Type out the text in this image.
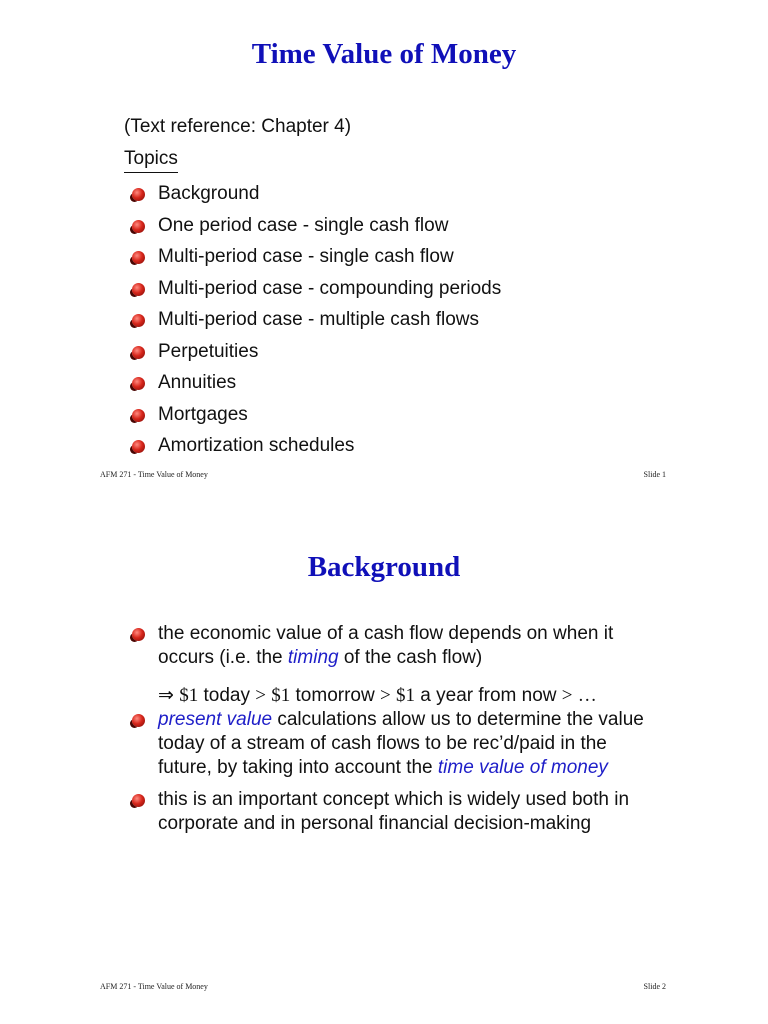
Time Value of Money
(Text reference: Chapter 4)
Topics
Background
One period case - single cash flow
Multi-period case - single cash flow
Multi-period case - compounding periods
Multi-period case - multiple cash flows
Perpetuities
Annuities
Mortgages
Amortization schedules
AFM 271 - Time Value of Money	Slide 1
Background
the economic value of a cash flow depends on when it occurs (i.e. the timing of the cash flow)
⇒ $1 today > $1 tomorrow > $1 a year from now > …
present value calculations allow us to determine the value today of a stream of cash flows to be rec’d/paid in the future, by taking into account the time value of money
this is an important concept which is widely used both in corporate and in personal financial decision-making
AFM 271 - Time Value of Money	Slide 2
